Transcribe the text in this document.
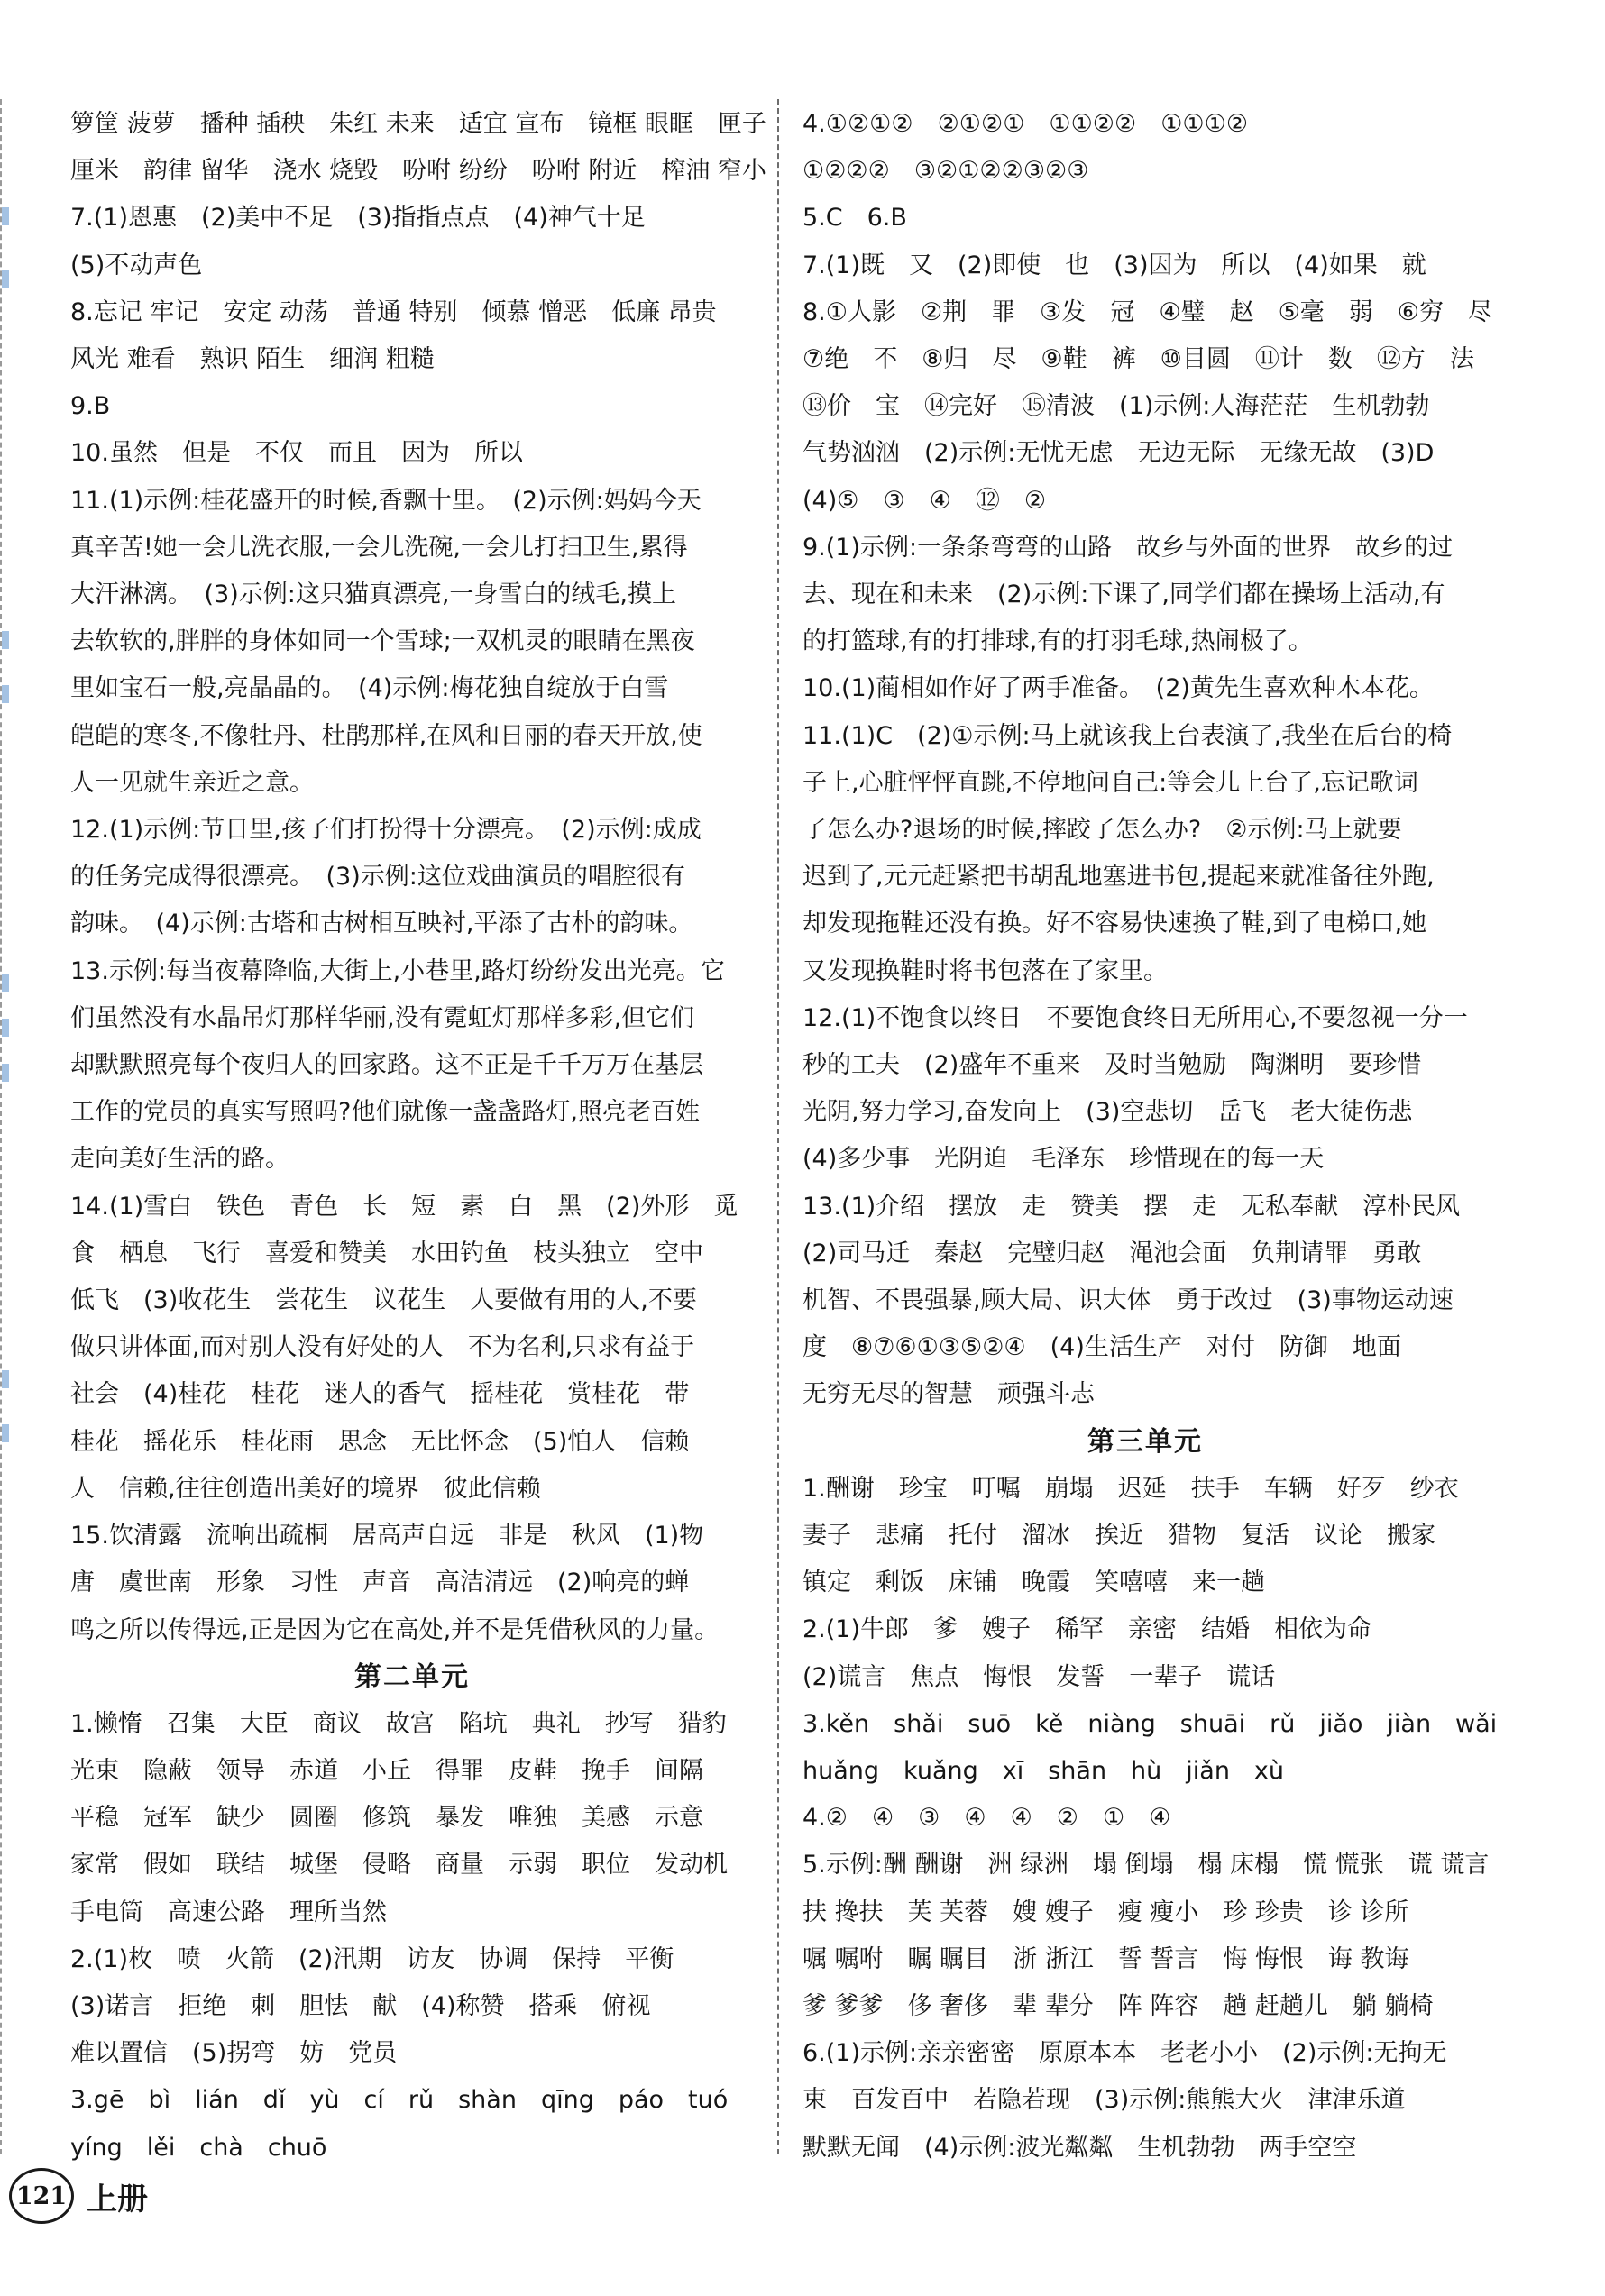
箩筐 菠萝　播种 插秧　朱红 未来　适宜 宣布　镜框 眼眶　匣子
厘米　韵律 留华　浇水 烧毁　吩咐 纷纷　吩咐 附近　榨油 窄小
7.(1)恩惠　(2)美中不足　(3)指指点点　(4)神气十足
(5)不动声色
8.忘记 牢记　安定 动荡　普通 特别　倾慕 憎恶　低廉 昂贵
风光 难看　熟识 陌生　细润 粗糙
9.B
10.虽然　但是　不仅　而且　因为　所以
11.(1)示例:桂花盛开的时候,香飘十里。　(2)示例:妈妈今天
真辛苦!她一会儿洗衣服,一会儿洗碗,一会儿打扫卫生,累得
大汗淋漓。　(3)示例:这只猫真漂亮,一身雪白的绒毛,摸上
去软软的,胖胖的身体如同一个雪球;一双机灵的眼睛在黑夜
里如宝石一般,亮晶晶的。　(4)示例:梅花独自绽放于白雪
皑皑的寒冬,不像牡丹、杜鹃那样,在风和日丽的春天开放,使
人一见就生亲近之意。
12.(1)示例:节日里,孩子们打扮得十分漂亮。　(2)示例:成成
的任务完成得很漂亮。　(3)示例:这位戏曲演员的唱腔很有
韵味。　(4)示例:古塔和古树相互映衬,平添了古朴的韵味。
13.示例:每当夜幕降临,大街上,小巷里,路灯纷纷发出光亮。它
们虽然没有水晶吊灯那样华丽,没有霓虹灯那样多彩,但它们
却默默照亮每个夜归人的回家路。这不正是千千万万在基层
工作的党员的真实写照吗?他们就像一盏盏路灯,照亮老百姓
走向美好生活的路。
14.(1)雪白　铁色　青色　长　短　素　白　黑　(2)外形　觅
食　栖息　飞行　喜爱和赞美　水田钓鱼　枝头独立　空中
低飞　(3)收花生　尝花生　议花生　人要做有用的人,不要
做只讲体面,而对别人没有好处的人　不为名利,只求有益于
社会　(4)桂花　桂花　迷人的香气　摇桂花　赏桂花　带
桂花　摇花乐　桂花雨　思念　无比怀念　(5)怕人　信赖
人　信赖,往往创造出美好的境界　彼此信赖
15.饮清露　流响出疏桐　居高声自远　非是　秋风　(1)物
唐　虞世南　形象　习性　声音　高洁清远　(2)响亮的蝉
鸣之所以传得远,正是因为它在高处,并不是凭借秋风的力量。
第二单元
1.懒惰　召集　大臣　商议　故宫　陷坑　典礼　抄写　猎豹
光束　隐蔽　领导　赤道　小丘　得罪　皮鞋　挽手　间隔
平稳　冠军　缺少　圆圈　修筑　暴发　唯独　美感　示意
家常　假如　联结　城堡　侵略　商量　示弱　职位　发动机
手电筒　高速公路　理所当然
2.(1)枚　喷　火箭　(2)汛期　访友　协调　保持　平衡
(3)诺言　拒绝　刺　胆怯　献　(4)称赞　搭乘　俯视
难以置信　(5)拐弯　妨　党员
3.gē　bì　lián　dǐ　yù　cí　rǔ　shàn　qīng　páo　tuó
yíng　lěi　chà　chuō
4.①②①②　②①②①　①①②②　①①①②
①②②②　③②①②②③②③
5.C　6.B
7.(1)既　又　(2)即使　也　(3)因为　所以　(4)如果　就
8.①人影　②荆　罪　③发　冠　④璧　赵　⑤毫　弱　⑥穷　尽
⑦绝　不　⑧归　尽　⑨鞋　裤　⑩目圆　⑪计　数　⑫方　法
⑬价　宝　⑭完好　⑮清波　(1)示例:人海茫茫　生机勃勃
气势汹汹　(2)示例:无忧无虑　无边无际　无缘无故　(3)D
(4)⑤　③　④　⑫　②
9.(1)示例:一条条弯弯的山路　故乡与外面的世界　故乡的过
去、现在和未来　(2)示例:下课了,同学们都在操场上活动,有
的打篮球,有的打排球,有的打羽毛球,热闹极了。
10.(1)蔺相如作好了两手准备。　(2)黄先生喜欢种木本花。
11.(1)C　(2)①示例:马上就该我上台表演了,我坐在后台的椅
子上,心脏怦怦直跳,不停地问自己:等会儿上台了,忘记歌词
了怎么办?退场的时候,摔跤了怎么办?　②示例:马上就要
迟到了,元元赶紧把书胡乱地塞进书包,提起来就准备往外跑,
却发现拖鞋还没有换。好不容易快速换了鞋,到了电梯口,她
又发现换鞋时将书包落在了家里。
12.(1)不饱食以终日　不要饱食终日无所用心,不要忽视一分一
秒的工夫　(2)盛年不重来　及时当勉励　陶渊明　要珍惜
光阴,努力学习,奋发向上　(3)空悲切　岳飞　老大徒伤悲
(4)多少事　光阴迫　毛泽东　珍惜现在的每一天
13.(1)介绍　摆放　走　赞美　摆　走　无私奉献　淳朴民风
(2)司马迁　秦赵　完璧归赵　渑池会面　负荆请罪　勇敢
机智、不畏强暴,顾大局、识大体　勇于改过　(3)事物运动速
度　⑧⑦⑥①③⑤②④　(4)生活生产　对付　防御　地面
无穷无尽的智慧　顽强斗志
第三单元
1.酬谢　珍宝　叮嘱　崩塌　迟延　扶手　车辆　好歹　纱衣
妻子　悲痛　托付　溜冰　挨近　猎物　复活　议论　搬家
镇定　剩饭　床铺　晚霞　笑嘻嘻　来一趟
2.(1)牛郎　爹　嫂子　稀罕　亲密　结婚　相依为命
(2)谎言　焦点　悔恨　发誓　一辈子　谎话
3.kěn　shǎi　suō　kě　niàng　shuāi　rǔ　jiǎo　jiàn　wǎi
huǎng　kuǎng　xī　shān　hù　jiǎn　xù
4.②　④　③　④　④　②　①　④
5.示例:酬 酬谢　洲 绿洲　塌 倒塌　榻 床榻　慌 慌张　谎 谎言
扶 搀扶　芙 芙蓉　嫂 嫂子　瘦 瘦小　珍 珍贵　诊 诊所
嘱 嘱咐　瞩 瞩目　浙 浙江　誓 誓言　悔 悔恨　诲 教诲
爹 爹爹　侈 奢侈　辈 辈分　阵 阵容　趟 赶趟儿　躺 躺椅
6.(1)示例:亲亲密密　原原本本　老老小小　(2)示例:无拘无
束　百发百中　若隐若现　(3)示例:熊熊大火　津津乐道
默默无闻　(4)示例:波光粼粼　生机勃勃　两手空空
121 上册
